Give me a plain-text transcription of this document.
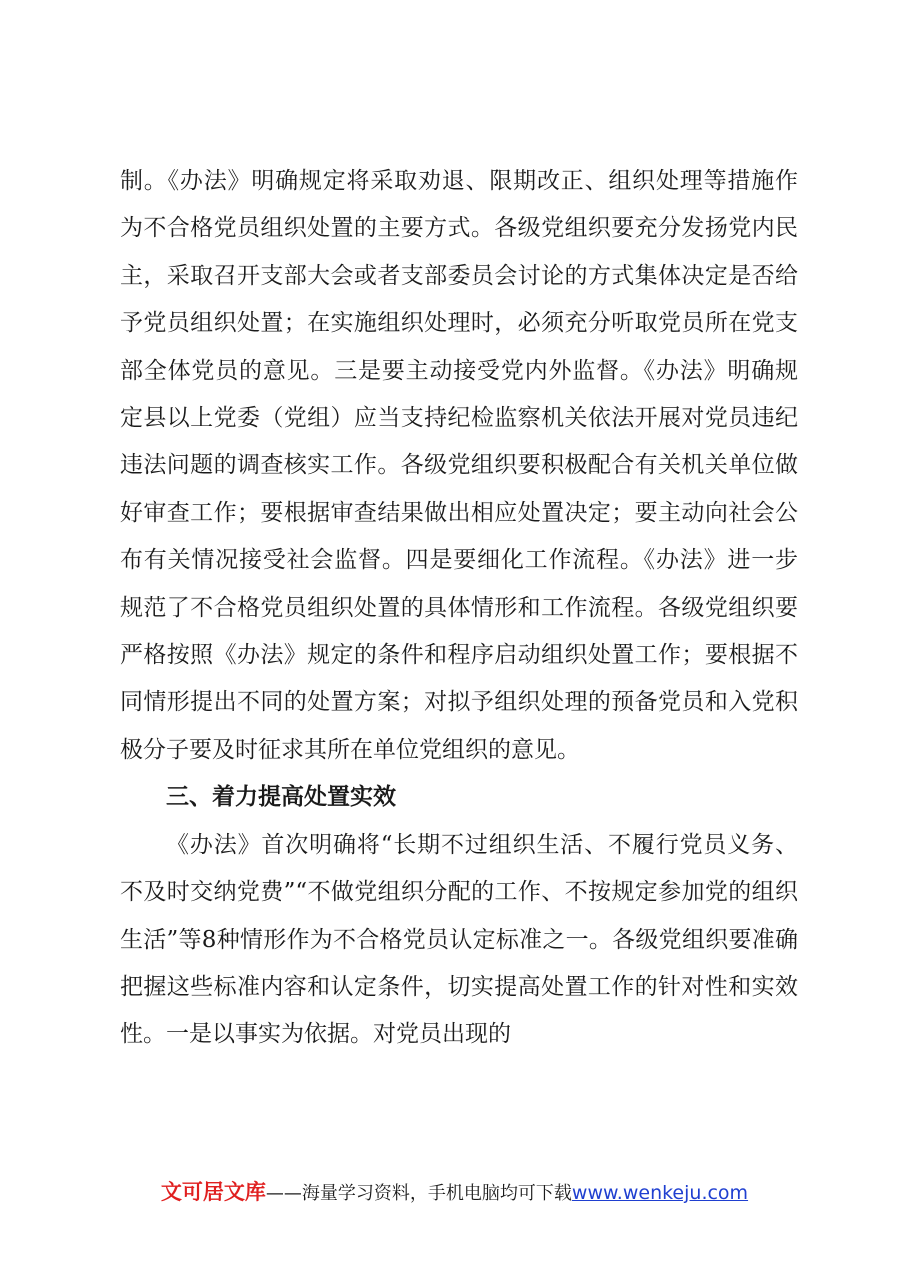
制。《办法》明确规定将采取劝退、限期改正、组织处理等措施作为不合格党员组织处置的主要方式。各级党组织要充分发扬党内民主，采取召开支部大会或者支部委员会讨论的方式集体决定是否给予党员组织处置；在实施组织处理时，必须充分听取党员所在党支部全体党员的意见。三是要主动接受党内外监督。《办法》明确规定县以上党委（党组）应当支持纪检监察机关依法开展对党员违纪违法问题的调查核实工作。各级党组织要积极配合有关机关单位做好审查工作；要根据审查结果做出相应处置决定；要主动向社会公布有关情况接受社会监督。四是要细化工作流程。《办法》进一步规范了不合格党员组织处置的具体情形和工作流程。各级党组织要严格按照《办法》规定的条件和程序启动组织处置工作；要根据不同情形提出不同的处置方案；对拟予组织处理的预备党员和入党积极分子要及时征求其所在单位党组织的意见。

三、着力提高处置实效

《办法》首次明确将“长期不过组织生活、不履行党员义务、不及时交纳党费”“不做党组织分配的工作、不按规定参加党的组织生活”等8种情形作为不合格党员认定标准之一。各级党组织要准确把握这些标准内容和认定条件，切实提高处置工作的针对性和实效性。一是以事实为依据。对党员出现的

文可居文库——海量学习资料，手机电脑均可下载www.wenkeju.com
